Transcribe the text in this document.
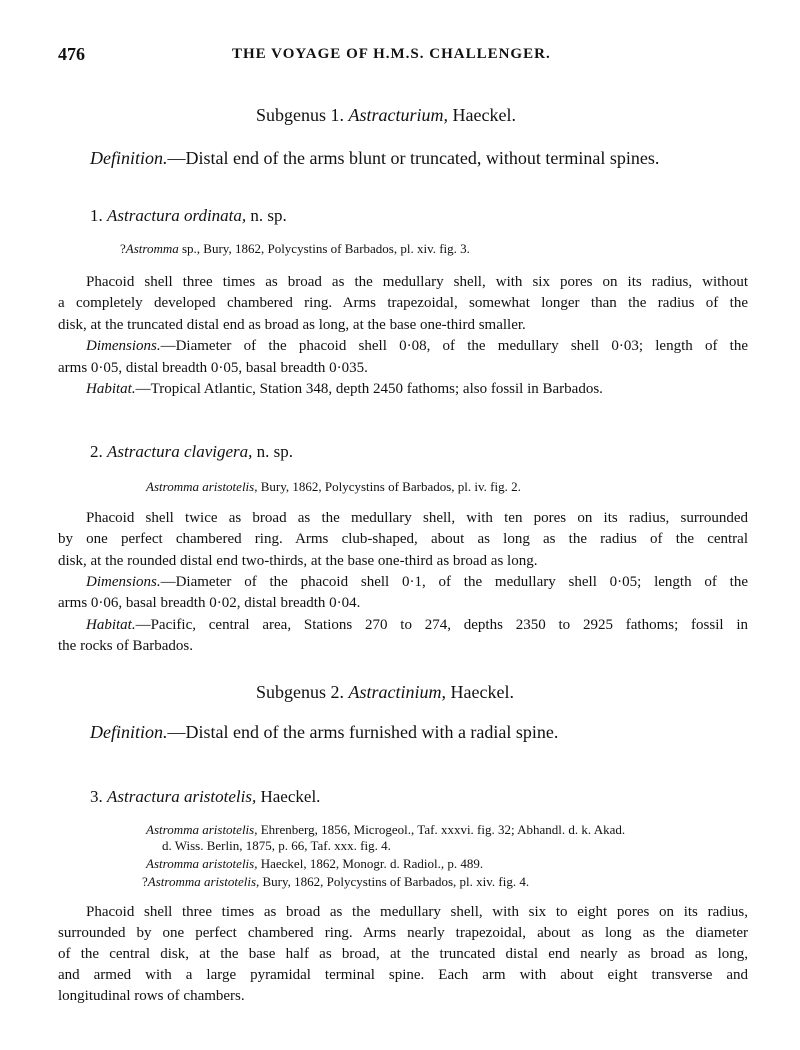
476	THE VOYAGE OF H.M.S. CHALLENGER.
Subgenus 1. Astracturium, Haeckel.
Definition.—Distal end of the arms blunt or truncated, without terminal spines.
1. Astractura ordinata, n. sp.
?Astromma sp., Bury, 1862, Polycystins of Barbados, pl. xiv. fig. 3.
Phacoid shell three times as broad as the medullary shell, with six pores on its radius, without
a completely developed chambered ring. Arms trapezoidal, somewhat longer than the radius of the
disk, at the truncated distal end as broad as long, at the base one-third smaller.
Dimensions.—Diameter of the phacoid shell 0·08, of the medullary shell 0·03; length of the
arms 0·05, distal breadth 0·05, basal breadth 0·035.
Habitat.—Tropical Atlantic, Station 348, depth 2450 fathoms; also fossil in Barbados.
2. Astractura clavigera, n. sp.
Astromma aristotelis, Bury, 1862, Polycystins of Barbados, pl. iv. fig. 2.
Phacoid shell twice as broad as the medullary shell, with ten pores on its radius, surrounded
by one perfect chambered ring. Arms club-shaped, about as long as the radius of the central
disk, at the rounded distal end two-thirds, at the base one-third as broad as long.
Dimensions.—Diameter of the phacoid shell 0·1, of the medullary shell 0·05; length of the
arms 0·06, basal breadth 0·02, distal breadth 0·04.
Habitat.—Pacific, central area, Stations 270 to 274, depths 2350 to 2925 fathoms; fossil in
the rocks of Barbados.
Subgenus 2. Astractinium, Haeckel.
Definition.—Distal end of the arms furnished with a radial spine.
3. Astractura aristotelis, Haeckel.
Astromma aristotelis, Ehrenberg, 1856, Microgeol., Taf. xxxvi. fig. 32; Abhandl. d. k. Akad.
d. Wiss. Berlin, 1875, p. 66, Taf. xxx. fig. 4.
Astromma aristotelis, Haeckel, 1862, Monogr. d. Radiol., p. 489.
?Astromma aristotelis, Bury, 1862, Polycystins of Barbados, pl. xiv. fig. 4.
Phacoid shell three times as broad as the medullary shell, with six to eight pores on its radius,
surrounded by one perfect chambered ring. Arms nearly trapezoidal, about as long as the diameter
of the central disk, at the base half as broad, at the truncated distal end nearly as broad as long,
and armed with a large pyramidal terminal spine. Each arm with about eight transverse and
longitudinal rows of chambers.
